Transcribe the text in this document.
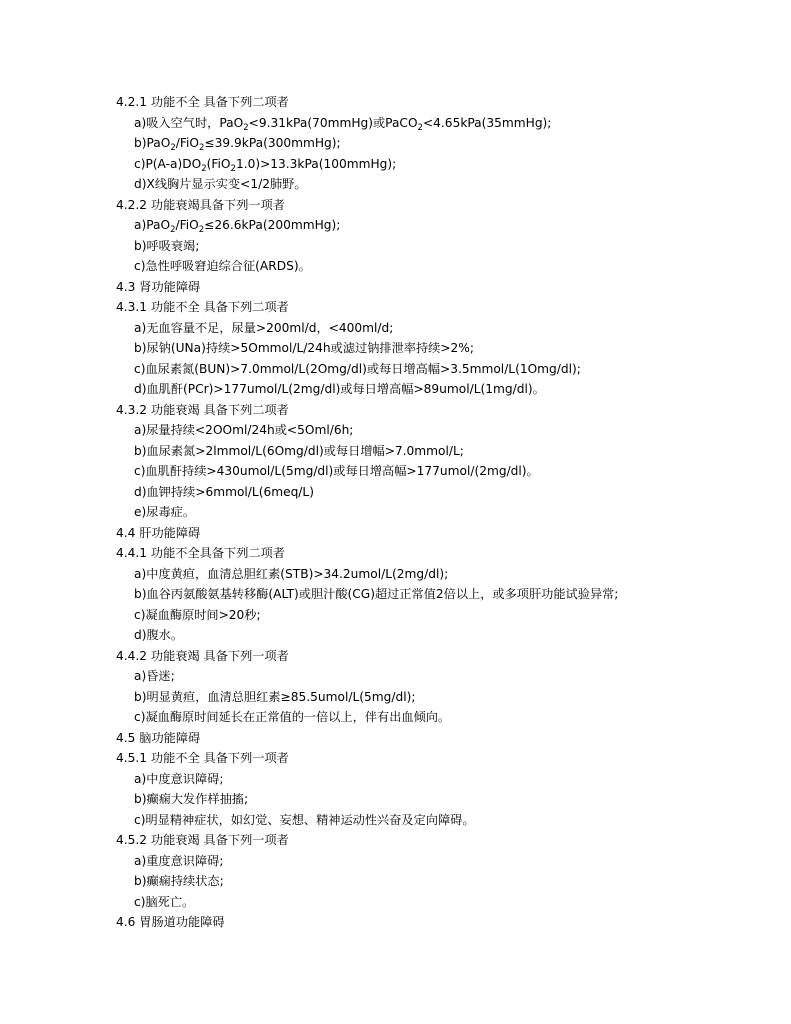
4.2.1 功能不全 具备下列二项者
a)吸入空气时，PaO$_2$<9.31kPa(70mmHg)或PaCO$_2$<4.65kPa(35mmHg);
b)PaO$_2$/FiO$_2$≤39.9kPa(300mmHg);
$c)P(A-a)DO_2(FiO_21.0)>13.3kPa(100mmHg)$;
d)X线胸片显示实变<1/2肺野。
4.2.2 功能衰竭具备下列一项者
a)PaO$_2$/FiO$_2$≤26.6kPa(200mmHg);
b)呼吸衰竭;
c)急性呼吸窘迫综合征(ARDS)。
4.3 肾功能障碍
4.3.1 功能不全 具备下列二项者
a)无血容量不足，尿量>200ml/d，<400ml/d;
b)尿钠(UNa)持续>5Ommol/L/24h或滤过钠排泄率持续>2%;
c)血尿素氮(BUN)>7.0mmol/L(2Omg/dl)或每日增高幅>3.5mmol/L(1Omg/dl);
d)血肌酐(PCr)>177umol/L(2mg/dl)或每日增高幅>89umol/L(1mg/dl)。
4.3.2 功能衰竭 具备下列二项者
a)尿量持续<2OOml/24h或<5Oml/6h;
b)血尿素氮>2lmmol/L(6Omg/dl)或每日增幅>7.0mmol/L;
c)血肌酐持续>430umol/L(5mg/dl)或每日增高幅>177umol/(2mg/dl)。
d)血钾持续>6mmol/L(6meq/L)
e)尿毒症。
4.4 肝功能障碍
4.4.1 功能不全具备下列二项者
a)中度黄疸，血清总胆红素(STB)>34.2umol/L(2mg/dl);
b)血谷丙氨酸氨基转移酶(ALT)或胆汁酸(CG)超过正常值2倍以上，或多项肝功能试验异常;
c)凝血酶原时间>20秒;
d)腹水。
4.4.2 功能衰竭 具备下列一项者
a)昏迷;
b)明显黄疸，血清总胆红素≥85.5umol/L(5mg/dl);
c)凝血酶原时间延长在正常值的一倍以上，伴有出血倾向。
4.5 脑功能障碍
4.5.1 功能不全 具备下列一项者
a)中度意识障碍;
b)癫痫大发作样抽搐;
c)明显精神症状，如幻觉、妄想、精神运动性兴奋及定向障碍。
4.5.2 功能衰竭 具备下列一项者
a)重度意识障碍;
b)癫痫持续状态;
c)脑死亡。
4.6 胃肠道功能障碍
